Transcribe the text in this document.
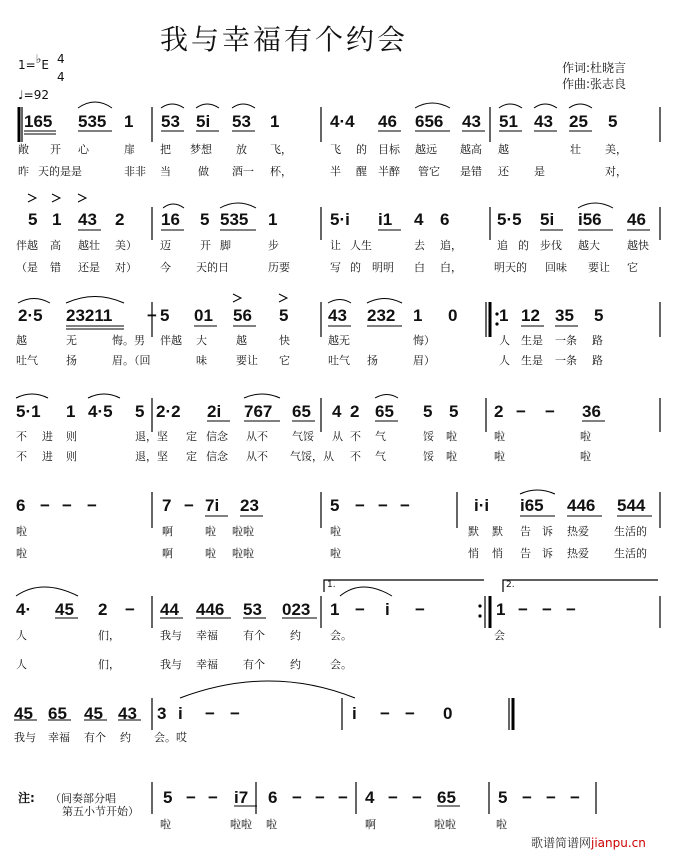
我与幸福有个约会
作词:杜晓言
作曲:张志良
1=♭E 4
4
♩=92
165 535 1 53 5i 53 1	4·4 46 656 43 51 43 25 5
敞 开 心	扉 把 梦想 放 飞，	飞 的 目标 越远 越高 越	壮 美，
昨 天的是是	非非 当 做 酒一 杯，	半 醒 半醉 管它 是错 还 是	对，
5 1 43 2 16 5 535 1	5·i i1 4 6	5·5 5i i56 46
伴越 高 越壮 美） 迈	开 脚	步	让 人生	去 追，	追 的 步伐 越大 越快
（是 错 还是 对） 今 天的日	历要	写 的 明明 白 白，	明天的 回味 要让 它
2·5 23211 − 5 01 56 5 43 232 1 0 1 12 35 5
越	无	悔。男 伴越 大	越	快	越无	悔）	人 生是 一条 路
吐气	扬	眉。（回	味	要让 它	吐气 扬	眉）	人 生是 一条 路
5·1 1 4·5 5 2·2 2i 767 65 4 2 65 5 5 2 − − 36
不 进 则	退，坚 定 信念 从不 气馁 从 不 气	馁 啦	啦	啦
不 进 则	退，坚 定 信念 从不 气馁，从 不 气	馁 啦	啦	啦
6 − − −	7 − 7i 23	5 − − −	i·i i65 446 544
啦	啊	啦 啦啦	啦	默 默 告 诉 热爱 生活的
啦	啊	啦 啦啦	啦	悄 悄 告 诉 热爱 生活的
4· 45 2 − 44 446 53 023 1 − i −	1 − − −
人	们，	我与 幸福 有个 约	会。	会
人	们，	我与 幸福 有个 约	会。
45 65 45 43 3 i − −	i − − 0
我与 幸福 有个 约 会。哎
5 − − i7 6 − − − 4 − − 65 5 − − −
啦	啦啦 啦	啊	啦啦	啦
1.	2.
注: （间奏部分唱
第五小节开始）
歌谱简谱网jianpu.cn
